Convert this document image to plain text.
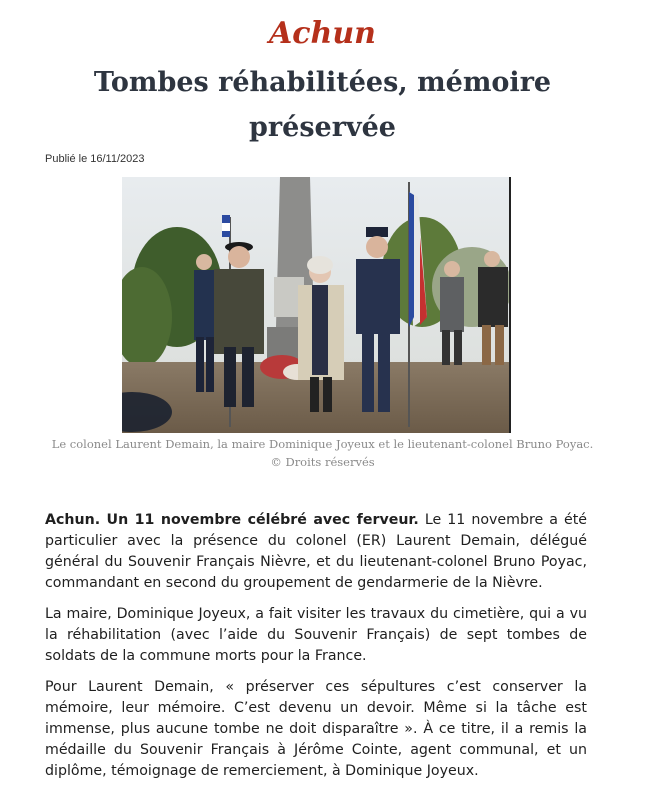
Achun
Tombes réhabilitées, mémoire préservée
Publié le 16/11/2023
Le colonel Laurent Demain, la maire Dominique Joyeux et le lieutenant-colonel Bruno Poyac. © Droits réservés

Achun. Un 11 novembre célébré avec ferveur. Le 11 novembre a été particulier avec la présence du colonel (ER) Laurent Demain, délégué général du Souvenir Français Nièvre, et du lieutenant-colonel Bruno Poyac, commandant en second du groupement de gendarmerie de la Nièvre.

La maire, Dominique Joyeux, a fait visiter les travaux du cimetière, qui a vu la réhabilitation (avec l’aide du Souvenir Français) de sept tombes de soldats de la commune morts pour la France.

Pour Laurent Demain, « préserver ces sépultures c’est conserver la mémoire, leur mémoire. C’est devenu un devoir. Même si la tâche est immense, plus aucune tombe ne doit disparaître ». À ce titre, il a remis la médaille du Souvenir Français à Jérôme Cointe, agent communal, et un diplôme, témoignage de remerciement, à Dominique Joyeux.
